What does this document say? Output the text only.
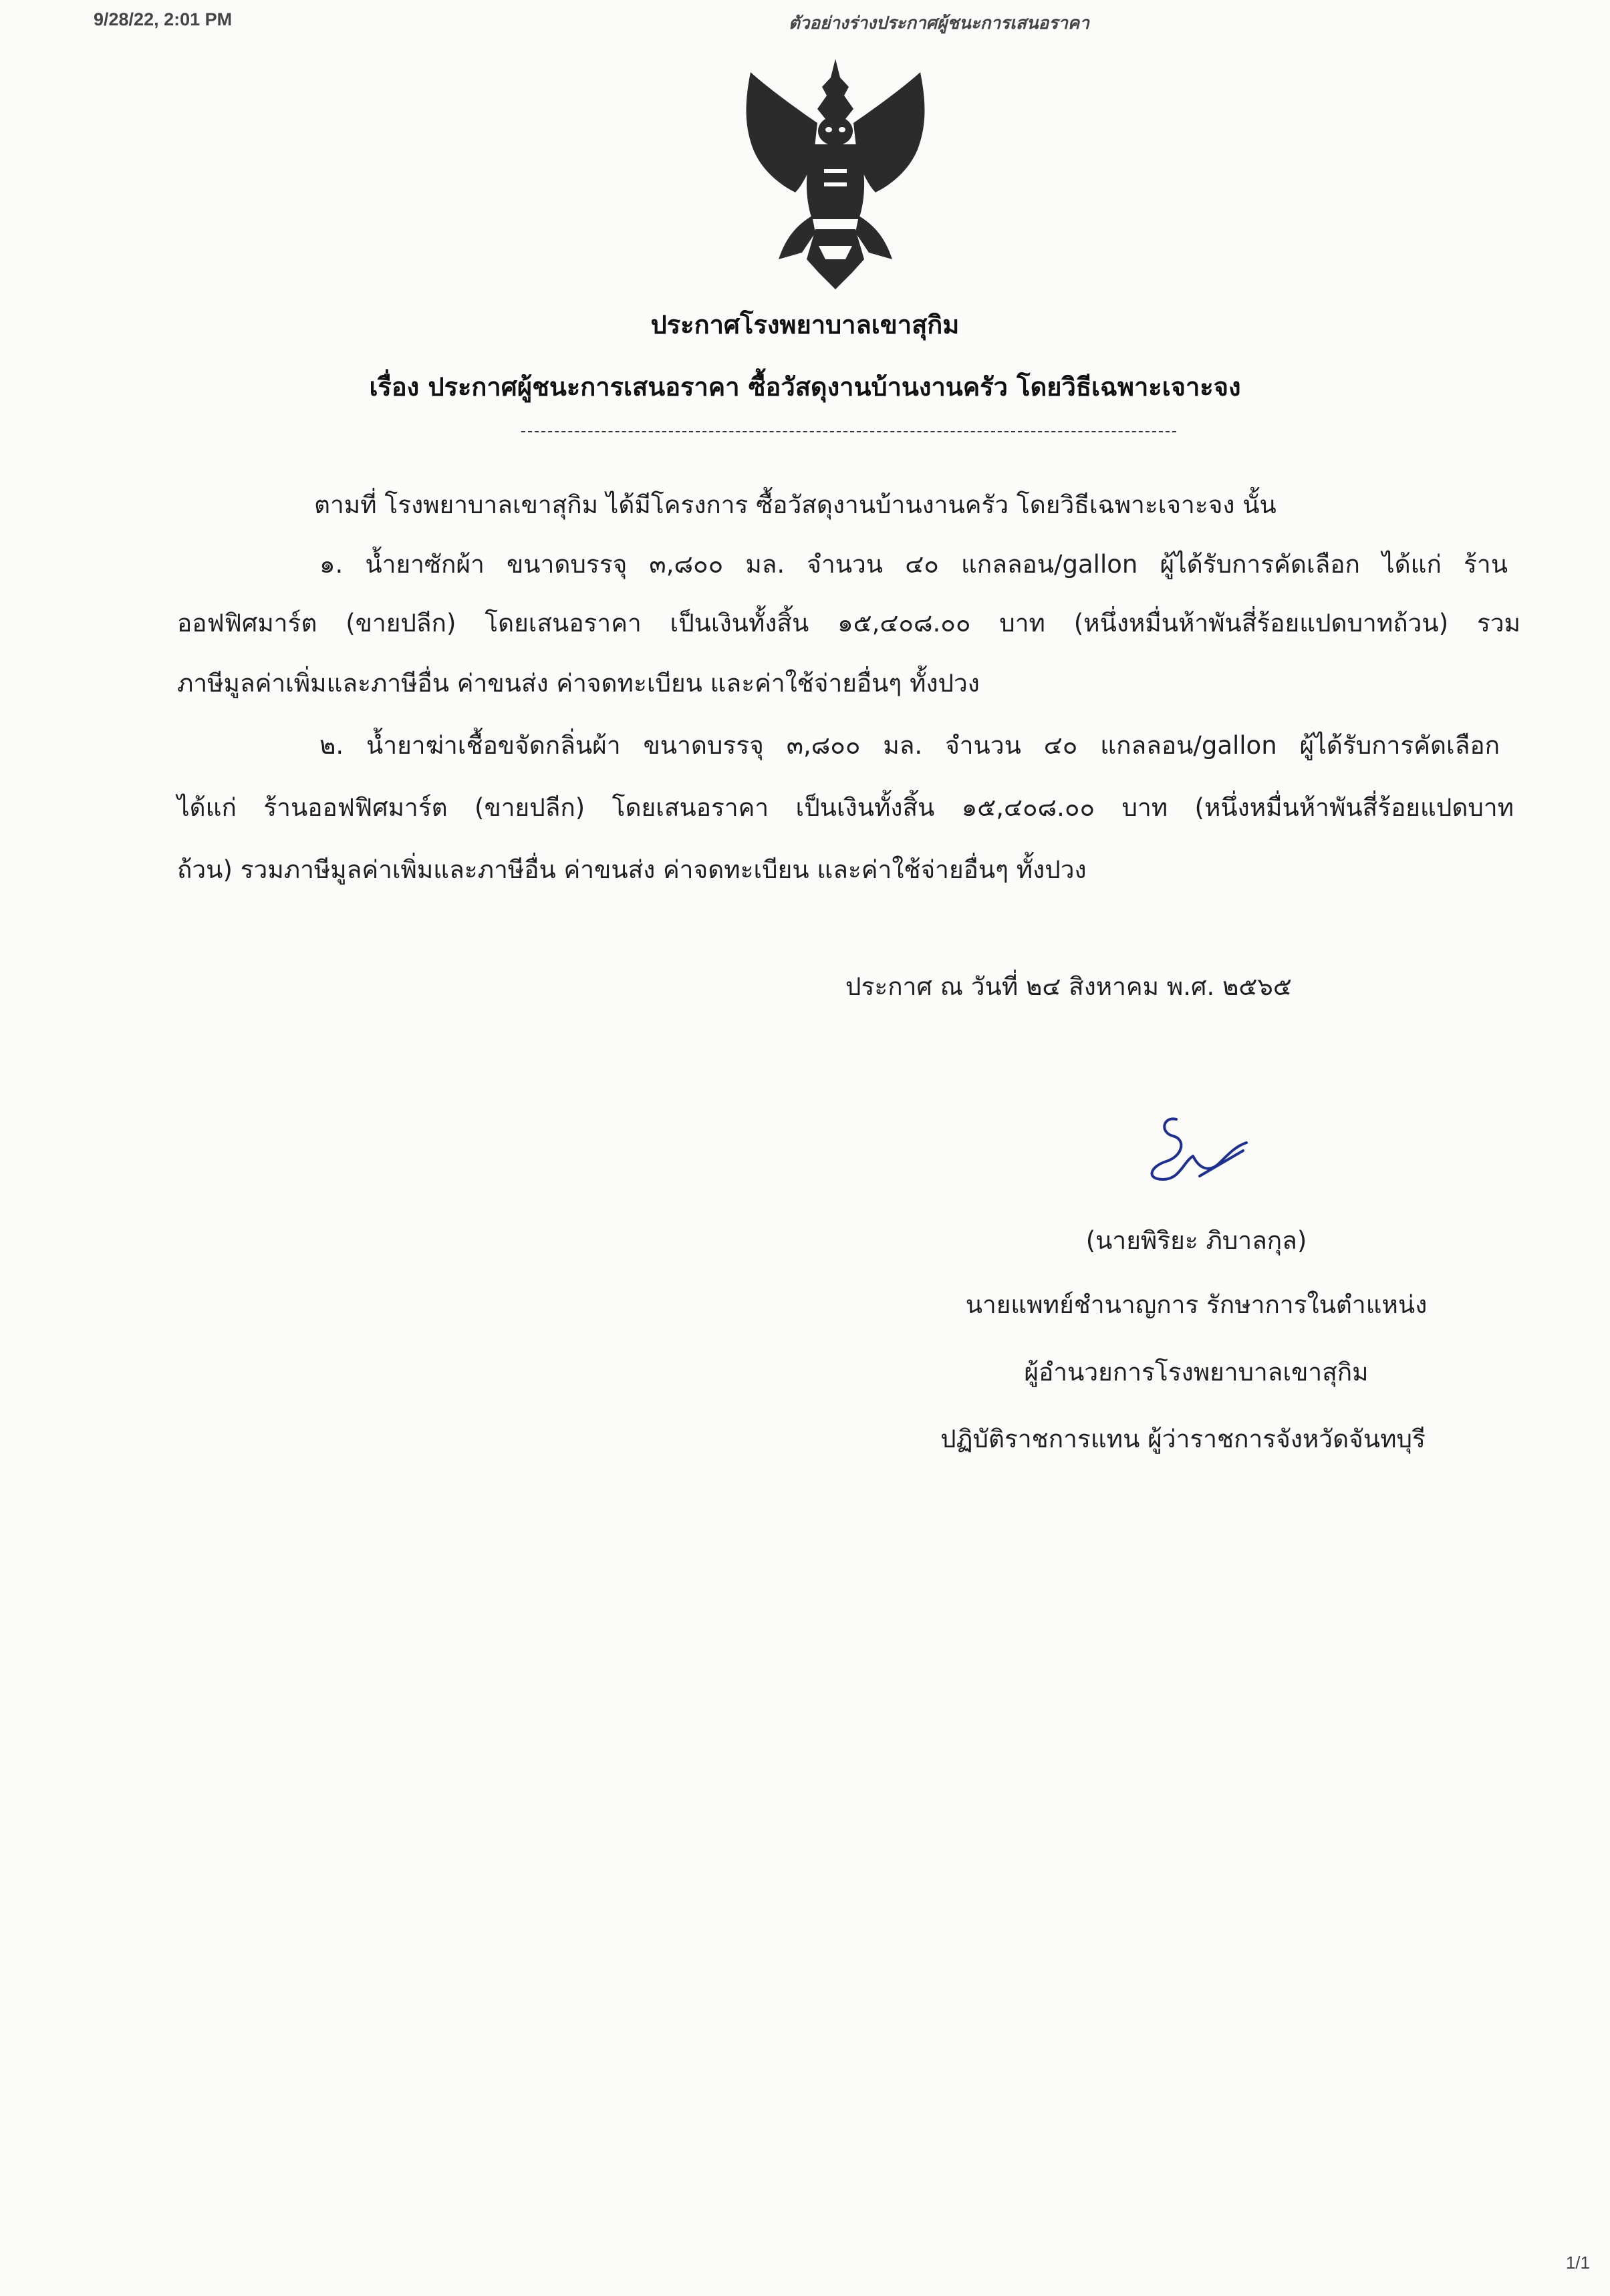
9/28/22, 2:01 PM	ตัวอย่างร่างประกาศผู้ชนะการเสนอราคา
ประกาศโรงพยาบาลเขาสุกิม
เรื่อง ประกาศผู้ชนะการเสนอราคา ซื้อวัสดุงานบ้านงานครัว โดยวิธีเฉพาะเจาะจง
ตามที่ โรงพยาบาลเขาสุกิม ได้มีโครงการ ซื้อวัสดุงานบ้านงานครัว โดยวิธีเฉพาะเจาะจง นั้น
๑. น้ำยาซักผ้า ขนาดบรรจุ ๓,๘๐๐ มล. จำนวน ๔๐ แกลลอน/gallon ผู้ได้รับการคัดเลือก ได้แก่ ร้าน
ออฟฟิศมาร์ต (ขายปลีก) โดยเสนอราคา เป็นเงินทั้งสิ้น ๑๕,๔๐๘.๐๐ บาท (หนึ่งหมื่นห้าพันสี่ร้อยแปดบาทถ้วน) รวม
ภาษีมูลค่าเพิ่มและภาษีอื่น ค่าขนส่ง ค่าจดทะเบียน และค่าใช้จ่ายอื่นๆ ทั้งปวง
๒. น้ำยาฆ่าเชื้อขจัดกลิ่นผ้า ขนาดบรรจุ ๓,๘๐๐ มล. จำนวน ๔๐ แกลลอน/gallon ผู้ได้รับการคัดเลือก
ได้แก่ ร้านออฟฟิศมาร์ต (ขายปลีก) โดยเสนอราคา เป็นเงินทั้งสิ้น ๑๕,๔๐๘.๐๐ บาท (หนึ่งหมื่นห้าพันสี่ร้อยแปดบาท
ถ้วน) รวมภาษีมูลค่าเพิ่มและภาษีอื่น ค่าขนส่ง ค่าจดทะเบียน และค่าใช้จ่ายอื่นๆ ทั้งปวง
ประกาศ ณ วันที่ ๒๔ สิงหาคม พ.ศ. ๒๕๖๕
(นายพิริยะ ภิบาลกุล)
นายแพทย์ชำนาญการ รักษาการในตำแหน่ง
ผู้อำนวยการโรงพยาบาลเขาสุกิม
ปฏิบัติราชการแทน ผู้ว่าราชการจังหวัดจันทบุรี
1/1
